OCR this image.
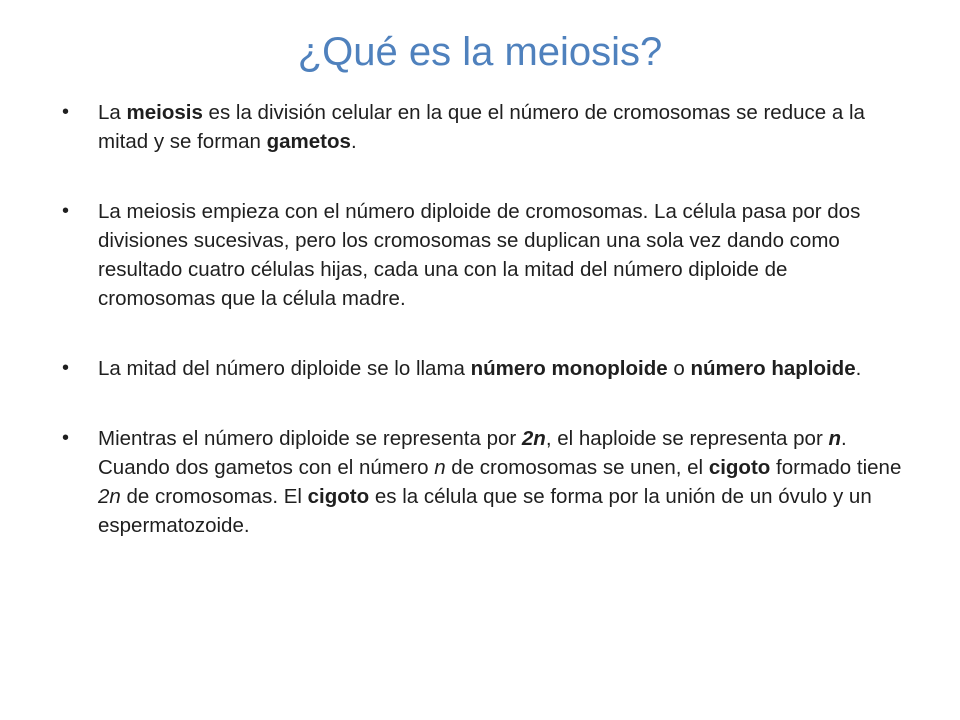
¿Qué es la meiosis?
• La meiosis es la división celular en la que el número de cromosomas se reduce a la mitad y se forman gametos.
• La meiosis empieza con el número diploide de cromosomas. La célula pasa por dos divisiones sucesivas, pero los cromosomas se duplican una sola vez dando como resultado cuatro células hijas, cada una con la mitad del número diploide de cromosomas que la célula madre.
• La mitad del número diploide se lo llama número monoploide o número haploide.
• Mientras el número diploide se representa por 2n, el haploide se representa por n. Cuando dos gametos con el número n de cromosomas se unen, el cigoto formado tiene 2n de cromosomas. El cigoto es la célula que se forma por la unión de un óvulo y un espermatozoide.
